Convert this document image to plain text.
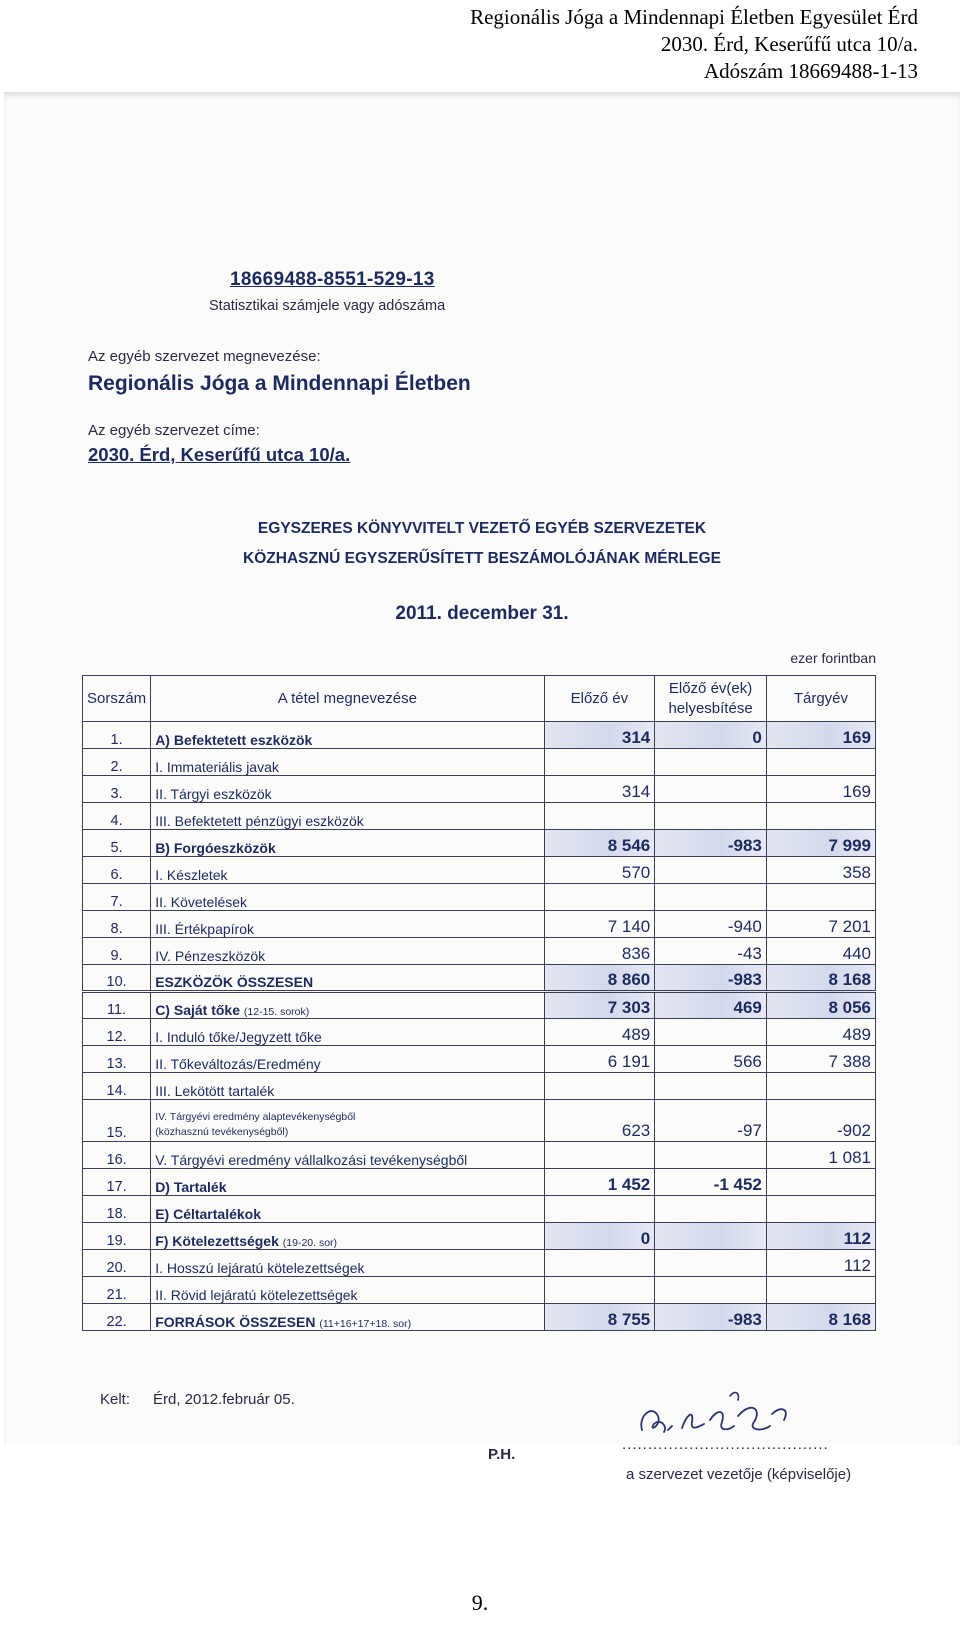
Regionális Jóga a Mindennapi Életben Egyesület Érd
2030. Érd, Keserűfű utca 10/a.
Adószám 18669488-1-13
18669488-8551-529-13
Statisztikai számjele vagy adószáma
Az egyéb szervezet megnevezése:
Regionális Jóga a Mindennapi Életben
Az egyéb szervezet címe:
2030. Érd, Keserűfű utca 10/a.
EGYSZERES KÖNYVVITELT VEZETŐ EGYÉB SZERVEZETEK
KÖZHASZNÚ EGYSZERŰSÍTETT BESZÁMOLÓJÁNAK MÉRLEGE
2011. december 31.
ezer forintban
Sorszám	A tétel megnevezése	Előző év	Előző év(ek)
helyesbítése	Tárgyév
1.	A) Befektetett eszközök	314	0	169
2.	I. Immateriális javak			
3.	II. Tárgyi eszközök	314		169
4.	III. Befektetett pénzügyi eszközök			
5.	B) Forgóeszközök	8 546	-983	7 999
6.	I. Készletek	570		358
7.	II. Követelések			
8.	III. Értékpapírok	7 140	-940	7 201
9.	IV. Pénzeszközök	836	-43	440
10.	ESZKÖZÖK ÖSSZESEN	8 860	-983	8 168
11.	C) Saját tőke (12-15. sorok)	7 303	469	8 056
12.	I. Induló tőke/Jegyzett tőke	489		489
13.	II. Tőkeváltozás/Eredmény	6 191	566	7 388
14.	III. Lekötött tartalék			
15.	IV. Tárgyévi eredmény alaptevékenységből
(közhasznú tevékenységből)	623	-97	-902
16.	V. Tárgyévi eredmény vállalkozási tevékenységből			1 081
17.	D) Tartalék	1 452	-1 452	
18.	E) Céltartalékok			
19.	F) Kötelezettségek (19-20. sor)	0		112
20.	I. Hosszú lejáratú kötelezettségek			112
21.	II. Rövid lejáratú kötelezettségek			
22.	FORRÁSOK ÖSSZESEN (11+16+17+18. sor)	8 755	-983	8 168
Kelt: Érd, 2012.február 05.
P.H.
........................................
a szervezet vezetője (képviselője)
9.
